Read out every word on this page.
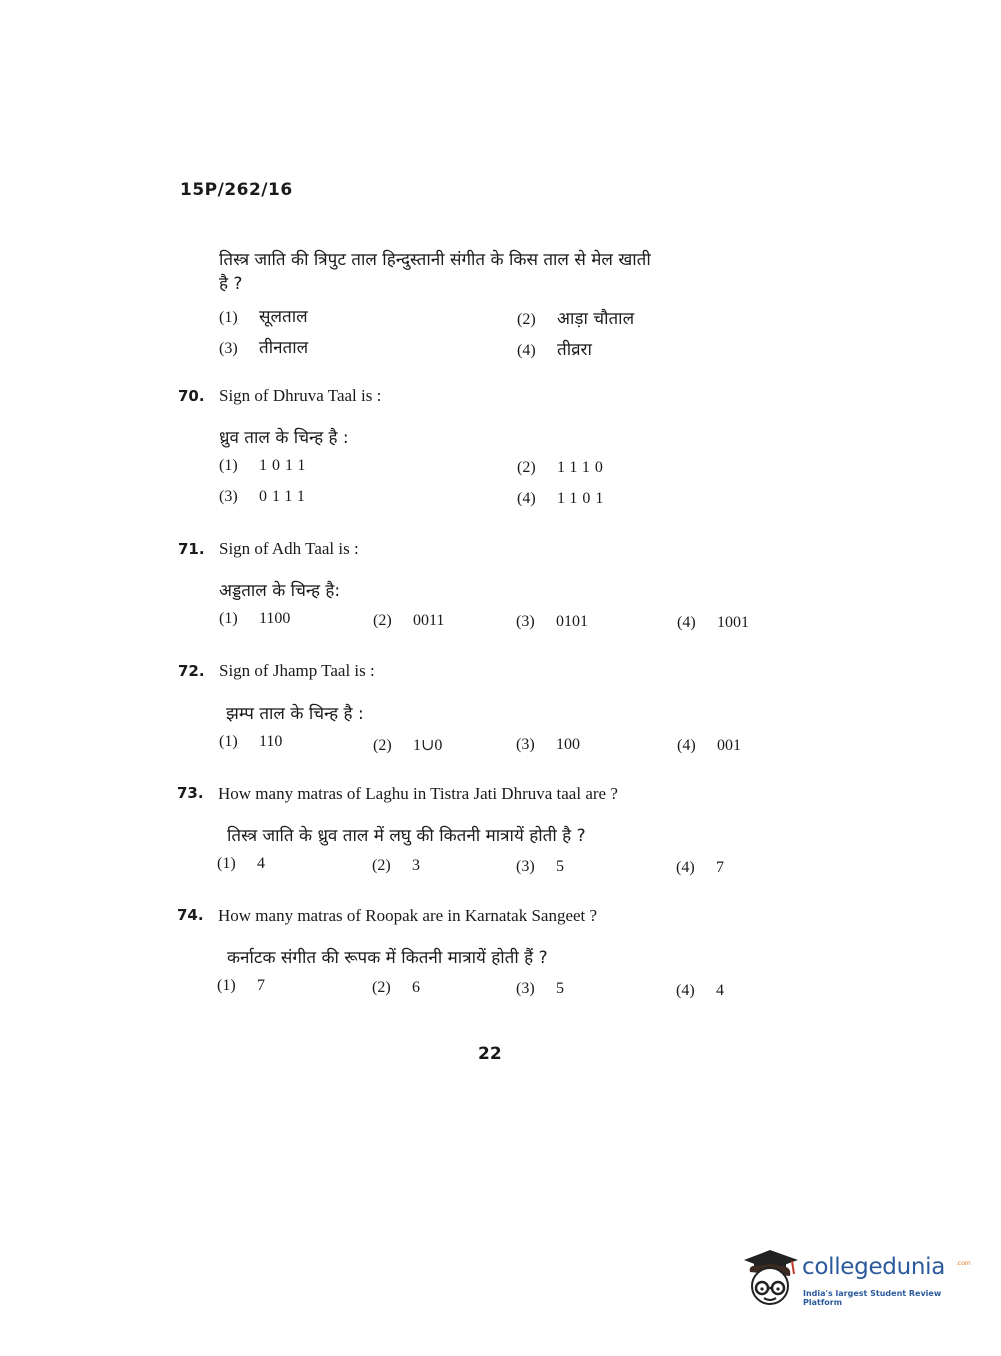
15P/262/16
तिस्त्र जाति की त्रिपुट ताल हिन्दुस्तानी संगीत के किस ताल से मेल खाती
है ?
(1) सूलताल	(2) आड़ा चौताल
(3) तीनताल	(4) तीव्ररा
70. Sign of Dhruva Taal is :
ध्रुव ताल के चिन्ह है :
(1) 1011	(2) 1110
(3) 0111	(4) 1101
71. Sign of Adh Taal is :
अड्डताल के चिन्ह है:
(1) 1100	(2) 0011	(3) 0101	(4) 1001
72. Sign of Jhamp Taal is :
झम्प ताल के चिन्ह है :
(1) 110	(2) 1∪0	(3) 100	(4) 001
73. How many matras of Laghu in Tistra Jati Dhruva taal are ?
तिस्त्र जाति के ध्रुव ताल में लघु की कितनी मात्रायें होती है ?
(1) 4	(2) 3	(3) 5	(4) 7
74. How many matras of Roopak are in Karnatak Sangeet ?
कर्नाटक संगीत की रूपक में कितनी मात्रायें होती हैं ?
(1) 7	(2) 6	(3) 5	(4) 4
22
collegedunia .com
India's largest Student Review Platform
